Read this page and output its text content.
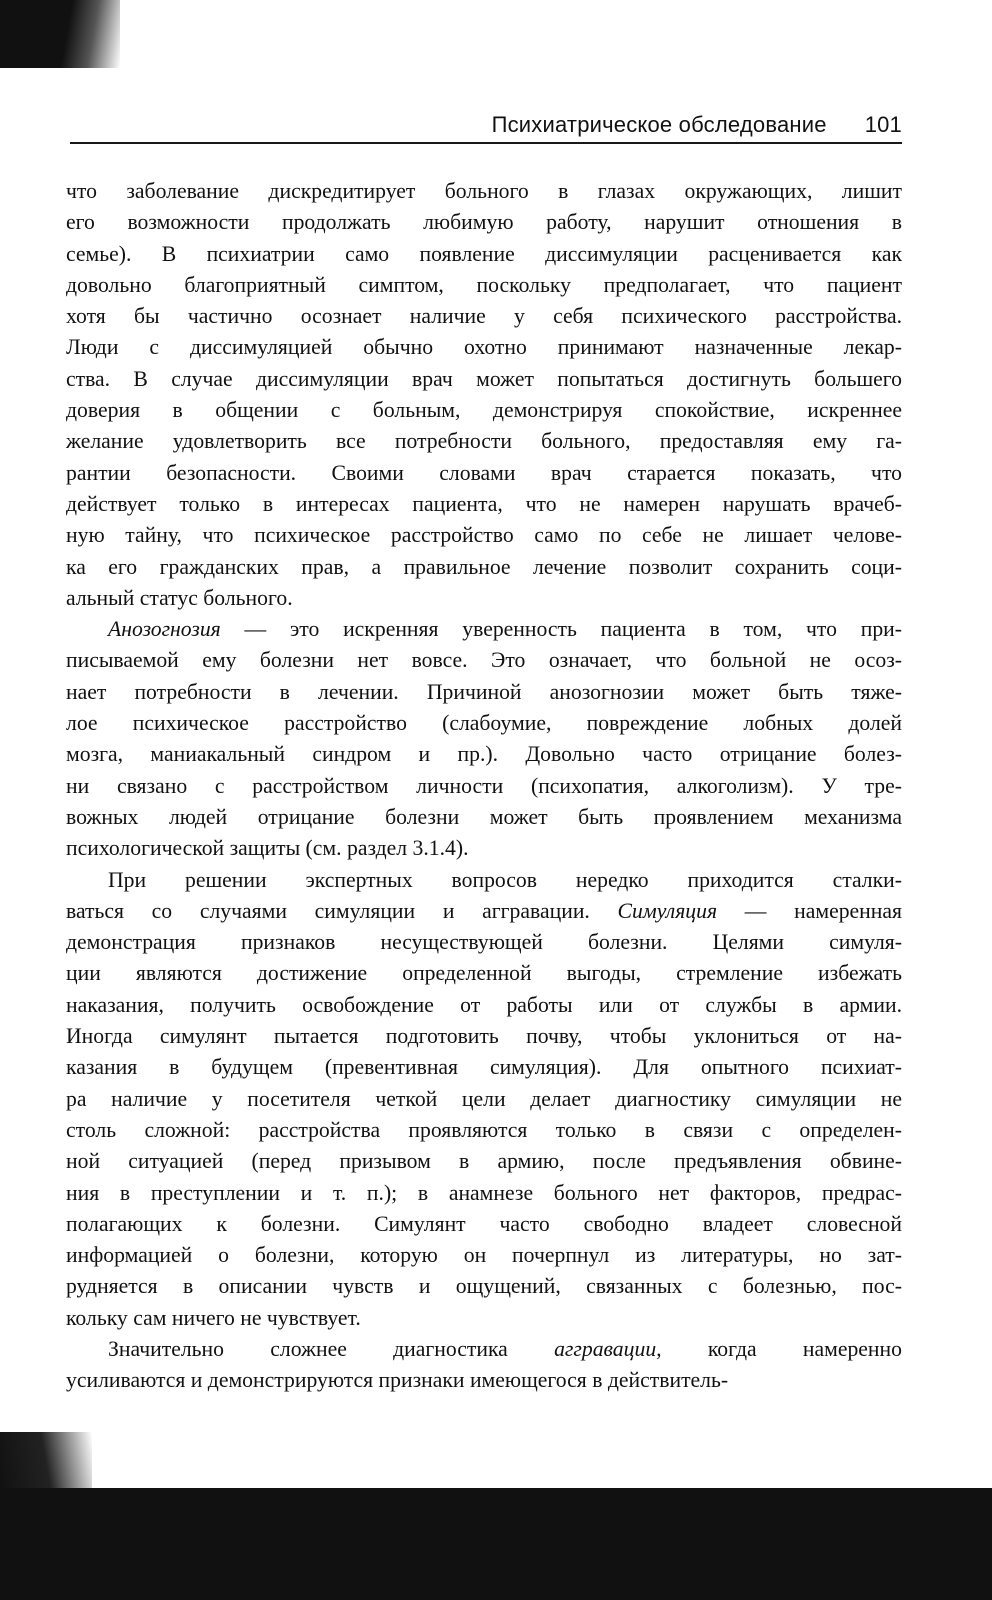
Психиатрическое обследование 101
что заболевание дискредитирует больного в глазах окружающих, лишит
его возможности продолжать любимую работу, нарушит отношения в
семье). В психиатрии само появление диссимуляции расценивается как
довольно благоприятный симптом, поскольку предполагает, что пациент
хотя бы частично осознает наличие у себя психического расстройства.
Люди с диссимуляцией обычно охотно принимают назначенные лекар-
ства. В случае диссимуляции врач может попытаться достигнуть большего
доверия в общении с больным, демонстрируя спокойствие, искреннее
желание удовлетворить все потребности больного, предоставляя ему га-
рантии безопасности. Своими словами врач старается показать, что
действует только в интересах пациента, что не намерен нарушать врачеб-
ную тайну, что психическое расстройство само по себе не лишает челове-
ка его гражданских прав, а правильное лечение позволит сохранить соци-
альный статус больного.
Анозогнозия — это искренняя уверенность пациента в том, что при-
писываемой ему болезни нет вовсе. Это означает, что больной не осоз-
нает потребности в лечении. Причиной анозогнозии может быть тяже-
лое психическое расстройство (слабоумие, повреждение лобных долей
мозга, маниакальный синдром и пр.). Довольно часто отрицание болез-
ни связано с расстройством личности (психопатия, алкоголизм). У тре-
вожных людей отрицание болезни может быть проявлением механизма
психологической защиты (см. раздел 3.1.4).
При решении экспертных вопросов нередко приходится сталки-
ваться со случаями симуляции и аггравации. Симуляция — намеренная
демонстрация признаков несуществующей болезни. Целями симуля-
ции являются достижение определенной выгоды, стремление избежать
наказания, получить освобождение от работы или от службы в армии.
Иногда симулянт пытается подготовить почву, чтобы уклониться от на-
казания в будущем (превентивная симуляция). Для опытного психиат-
ра наличие у посетителя четкой цели делает диагностику симуляции не
столь сложной: расстройства проявляются только в связи с определен-
ной ситуацией (перед призывом в армию, после предъявления обвине-
ния в преступлении и т. п.); в анамнезе больного нет факторов, предрас-
полагающих к болезни. Симулянт часто свободно владеет словесной
информацией о болезни, которую он почерпнул из литературы, но зат-
рудняется в описании чувств и ощущений, связанных с болезнью, пос-
кольку сам ничего не чувствует.
Значительно сложнее диагностика аггравации, когда намеренно
усиливаются и демонстрируются признаки имеющегося в действитель-
